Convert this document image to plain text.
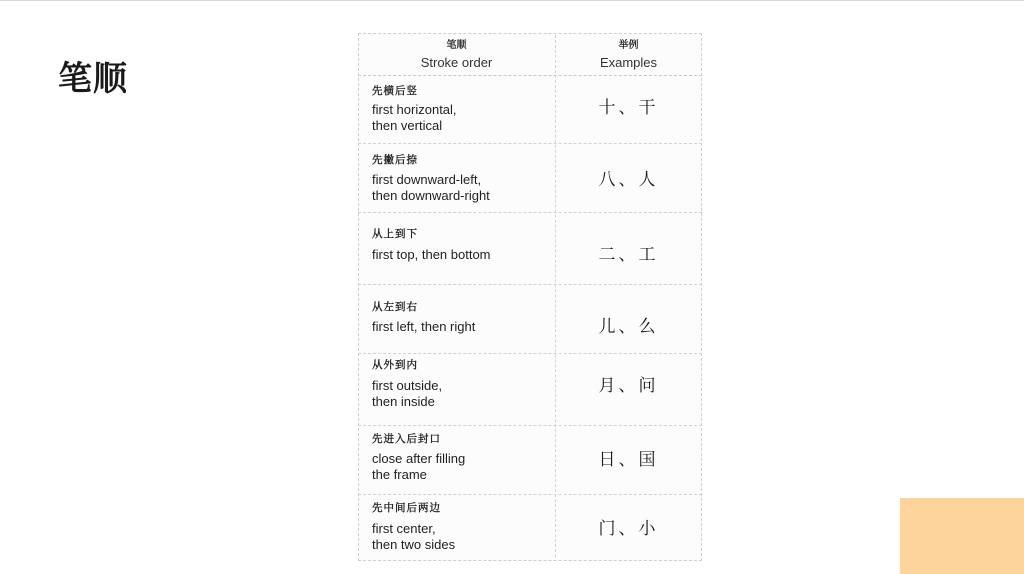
笔顺
笔顺
Stroke order
举例
Examples
先横后竖
first horizontal,
then vertical
十、干
先撇后捺
first downward-left,
then downward-right
八、人
从上到下
first top, then bottom	二、工
从左到右
first left, then right	儿、么
从外到内
first outside,
then inside
月、问
先进入后封口
close after filling
the frame
日、国
先中间后两边
first center,
then two sides
门、小
